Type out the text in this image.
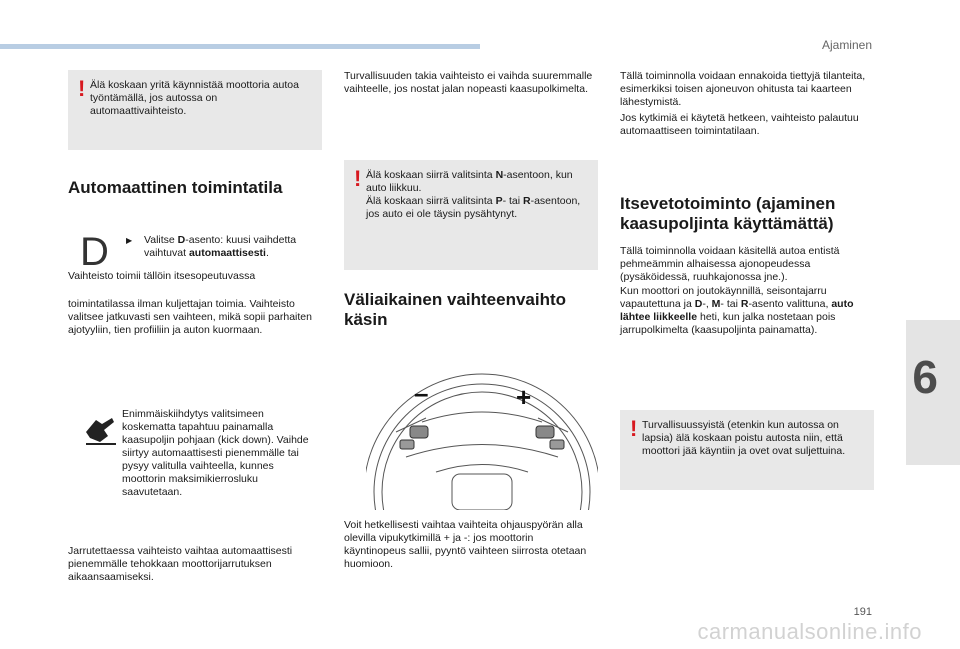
Ajaminen
6
191
carmanualsonline.info
! Älä koskaan yritä käynnistää moottoria autoa työntämällä, jos autossa on automaattivaihteisto.
Automaattinen toimintatila
D ▶ Valitse D-asento: kuusi vaihdetta vaihtuvat automaattisesti.
Vaihteisto toimii tällöin itsesopeutuvassa
toimintatilassa ilman kuljettajan toimia. Vaihteisto valitsee jatkuvasti sen vaihteen, mikä sopii parhaiten ajotyyliin, tien profiiliin ja auton kuormaan.
Enimmäiskiihdytys valitsimeen koskematta tapahtuu painamalla kaasupoljin pohjaan (kick down). Vaihde siirtyy automaattisesti pienemmälle tai pysyy valitulla vaihteella, kunnes moottorin maksimikierrosluku saavutetaan.
Jarrutettaessa vaihteisto vaihtaa automaattisesti pienemmälle tehokkaan moottorijarrutuksen aikaansaamiseksi.
Turvallisuuden takia vaihteisto ei vaihda suuremmalle vaihteelle, jos nostat jalan nopeasti kaasupolkimelta.
! Älä koskaan siirrä valitsinta N-asentoon, kun auto liikkuu.
Älä koskaan siirrä valitsinta P- tai R-asentoon, jos auto ei ole täysin pysähtynyt.
Väliaikainen vaihteenvaihto käsin
–	+
Voit hetkellisesti vaihtaa vaihteita ohjauspyörän alla olevilla vipukytkimillä + ja -: jos moottorin käyntinopeus sallii, pyyntö vaihteen siirrosta otetaan huomioon.
Tällä toiminnolla voidaan ennakoida tiettyjä tilanteita, esimerkiksi toisen ajoneuvon ohitusta tai kaarteen lähestymistä.
Jos kytkimiä ei käytetä hetkeen, vaihteisto palautuu automaattiseen toimintatilaan.
Itsevetotoiminto (ajaminen kaasupoljinta käyttämättä)
Tällä toiminnolla voidaan käsitellä autoa entistä pehmeämmin alhaisessa ajonopeudessa (pysäköidessä, ruuhkajonossa jne.).
Kun moottori on joutokäynnillä, seisontajarru vapautettuna ja D-, M- tai R-asento valittuna, auto lähtee liikkeelle heti, kun jalka nostetaan pois jarrupolkimelta (kaasupoljinta painamatta).
! Turvallisuussyistä (etenkin kun autossa on lapsia) älä koskaan poistu autosta niin, että moottori jää käyntiin ja ovet ovat suljettuina.
